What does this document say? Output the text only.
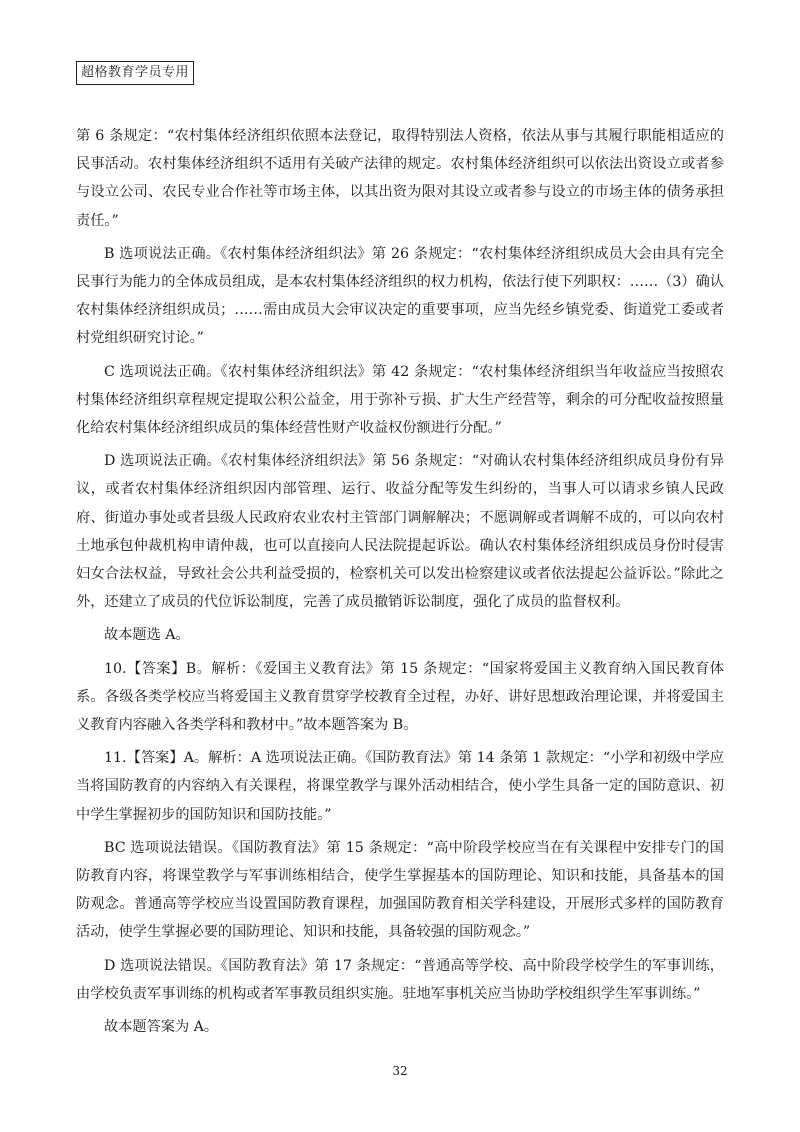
超格教育学员专用

第 6 条规定：“农村集体经济组织依照本法登记，取得特别法人资格，依法从事与其履行职能相适应的民事活动。农村集体经济组织不适用有关破产法律的规定。农村集体经济组织可以依法出资设立或者参与设立公司、农民专业合作社等市场主体，以其出资为限对其设立或者参与设立的市场主体的债务承担责任。”

B 选项说法正确。《农村集体经济组织法》第 26 条规定：“农村集体经济组织成员大会由具有完全民事行为能力的全体成员组成，是本农村集体经济组织的权力机构，依法行使下列职权：……（3）确认农村集体经济组织成员；……需由成员大会审议决定的重要事项，应当先经乡镇党委、街道党工委或者村党组织研究讨论。”

C 选项说法正确。《农村集体经济组织法》第 42 条规定：“农村集体经济组织当年收益应当按照农村集体经济组织章程规定提取公积公益金，用于弥补亏损、扩大生产经营等，剩余的可分配收益按照量化给农村集体经济组织成员的集体经营性财产收益权份额进行分配。”

D 选项说法正确。《农村集体经济组织法》第 56 条规定：“对确认农村集体经济组织成员身份有异议，或者农村集体经济组织因内部管理、运行、收益分配等发生纠纷的，当事人可以请求乡镇人民政府、街道办事处或者县级人民政府农业农村主管部门调解解决；不愿调解或者调解不成的，可以向农村土地承包仲裁机构申请仲裁，也可以直接向人民法院提起诉讼。确认农村集体经济组织成员身份时侵害妇女合法权益，导致社会公共利益受损的，检察机关可以发出检察建议或者依法提起公益诉讼。”除此之外，还建立了成员的代位诉讼制度，完善了成员撤销诉讼制度，强化了成员的监督权利。

故本题选 A。

10.【答案】B。解析：《爱国主义教育法》第 15 条规定：“国家将爱国主义教育纳入国民教育体系。各级各类学校应当将爱国主义教育贯穿学校教育全过程，办好、讲好思想政治理论课，并将爱国主义教育内容融入各类学科和教材中。”故本题答案为 B。

11.【答案】A。解析：A 选项说法正确。《国防教育法》第 14 条第 1 款规定：“小学和初级中学应当将国防教育的内容纳入有关课程，将课堂教学与课外活动相结合，使小学生具备一定的国防意识、初中学生掌握初步的国防知识和国防技能。”

BC 选项说法错误。《国防教育法》第 15 条规定：“高中阶段学校应当在有关课程中安排专门的国防教育内容，将课堂教学与军事训练相结合，使学生掌握基本的国防理论、知识和技能，具备基本的国防观念。普通高等学校应当设置国防教育课程，加强国防教育相关学科建设，开展形式多样的国防教育活动，使学生掌握必要的国防理论、知识和技能，具备较强的国防观念。”

D 选项说法错误。《国防教育法》第 17 条规定：“普通高等学校、高中阶段学校学生的军事训练，由学校负责军事训练的机构或者军事教员组织实施。驻地军事机关应当协助学校组织学生军事训练。”

故本题答案为 A。

32
